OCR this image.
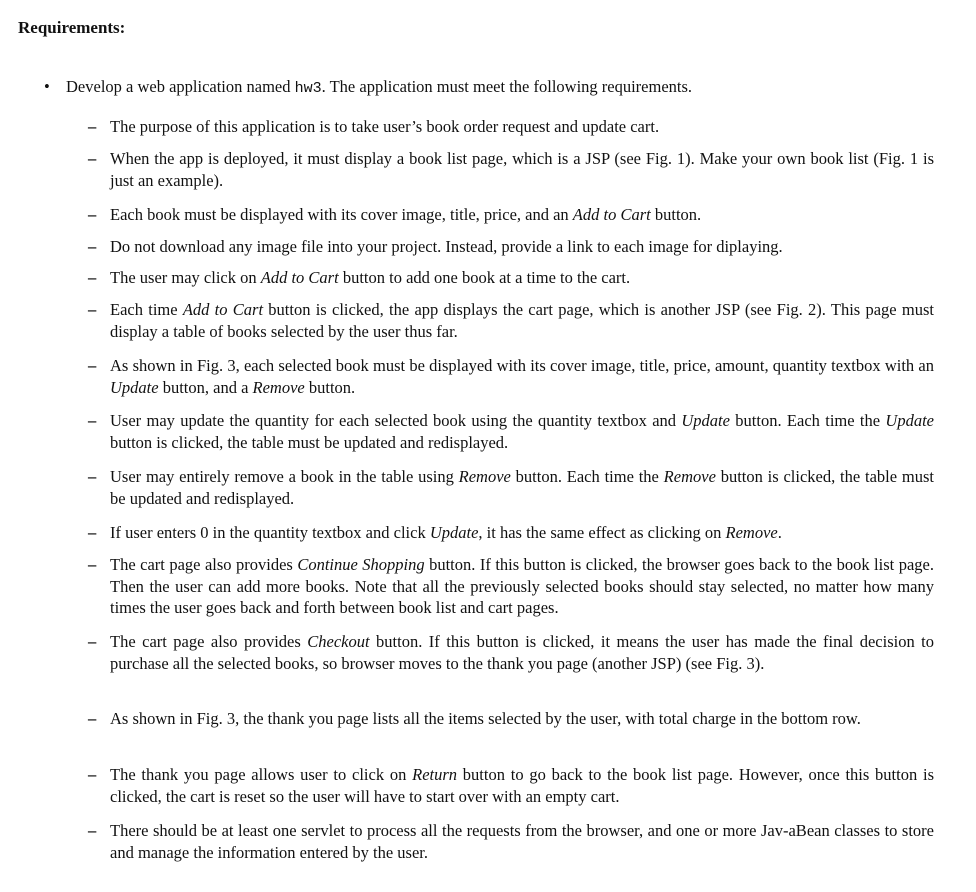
Requirements:
• Develop a web application named hw3. The application must meet the following requirements.
– The purpose of this application is to take user’s book order request and update cart.
– When the app is deployed, it must display a book list page, which is a JSP (see Fig. 1). Make your own book list (Fig. 1 is just an example).
– Each book must be displayed with its cover image, title, price, and an Add to Cart button.
– Do not download any image file into your project. Instead, provide a link to each image for diplaying.
– The user may click on Add to Cart button to add one book at a time to the cart.
– Each time Add to Cart button is clicked, the app displays the cart page, which is another JSP (see Fig. 2). This page must display a table of books selected by the user thus far.
– As shown in Fig. 3, each selected book must be displayed with its cover image, title, price, amount, quantity textbox with an Update button, and a Remove button.
– User may update the quantity for each selected book using the quantity textbox and Update button. Each time the Update button is clicked, the table must be updated and redisplayed.
– User may entirely remove a book in the table using Remove button. Each time the Remove button is clicked, the table must be updated and redisplayed.
– If user enters 0 in the quantity textbox and click Update, it has the same effect as clicking on Remove.
– The cart page also provides Continue Shopping button. If this button is clicked, the browser goes back to the book list page. Then the user can add more books. Note that all the previously selected books should stay selected, no matter how many times the user goes back and forth between book list and cart pages.
– The cart page also provides Checkout button. If this button is clicked, it means the user has made the final decision to purchase all the selected books, so browser moves to the thank you page (another JSP) (see Fig. 3).
– As shown in Fig. 3, the thank you page lists all the items selected by the user, with total charge in the bottom row.
– The thank you page allows user to click on Return button to go back to the book list page. However, once this button is clicked, the cart is reset so the user will have to start over with an empty cart.
– There should be at least one servlet to process all the requests from the browser, and one or more Jav-aBean classes to store and manage the information entered by the user.
